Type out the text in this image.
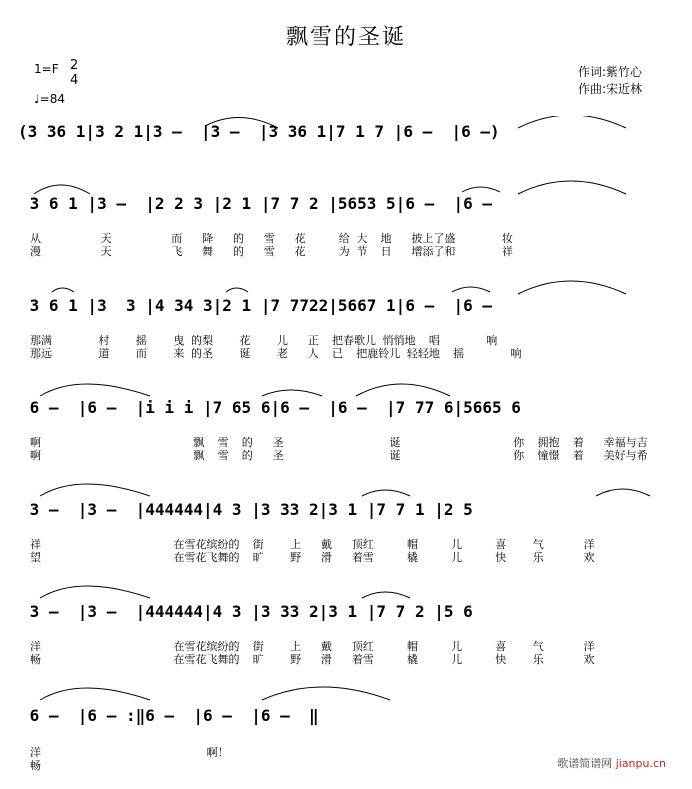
飘雪的圣诞
1=F 2
4
♩=84
作词:紫竹心
作曲:宋近林
(3 36 1|3 2 1|3 —  |3 —  |3 36 1|7 1 7 |6 —  |6 —)
3 6 1 |3 —  |2 2 3 |2 1 |7 7 2 |5653 5|6 —  |6 —
从         天         而   降   的   雪   花     给 大  地   披上了盛       妆
漫         天         飞   舞   的   雪   花     为 节  日   增添了和       祥
3 6 1 |3  3 |4 34 3|2 1 |7 7722|5667 1|6 —  |6 —
那满       村    摇    曳 的梨    花    儿   正  把春歌儿 悄悄地  唱       响
那远       道    而    来 的圣    诞    老   人  已  把鹿铃儿 轻轻地  摇       响
6 —  |6 —  |i i i |7 65 6|6 —  |6 —  |7 77 6|5665 6
啊                       飘  雪  的   圣                诞                 你  拥抱  着   幸福与吉
啊                       飘  雪  的   圣                诞                 你  憧憬  着   美好与希
3 —  |3 —  |444444|4 3 |3 33 2|3 1 |7 7 1 |2 5
祥                    在雪花缤纷的  街    上   戴   顶红     帽     儿     喜    气      洋
望                    在雪花飞舞的  旷    野   滑   着雪     橇     儿     快    乐      欢
3 —  |3 —  |444444|4 3 |3 33 2|3 1 |7 7 2 |5 6
洋                    在雪花缤纷的  街    上   戴   顶红     帽     儿     喜    气      洋
畅                    在雪花飞舞的  旷    野   滑   着雪     橇     儿     快    乐      欢
6 —  |6 — :‖6 —  |6 —  |6 —  ‖
洋                         啊！
畅	歌谱简谱网 jianpu.cn
